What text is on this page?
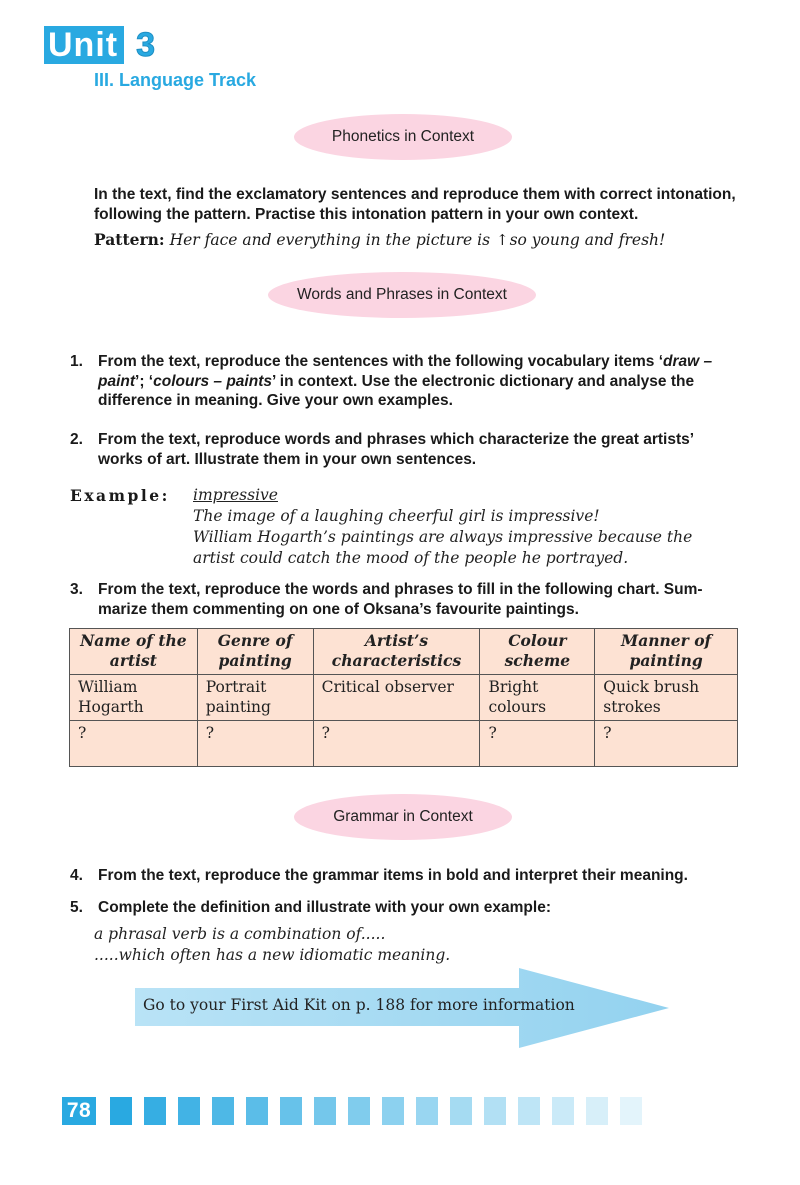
Unit 3
III. Language Track
Phonetics in Context
In the text, find the exclamatory sentences and reproduce them with correct intonation, following the pattern. Practise this intonation pattern in your own context.
Pattern: Her face and everything in the picture is ↑so young and fresh!
Words and Phrases in Context
1. From the text, reproduce the sentences with the following vocabulary items ‘draw – paint’; ‘colours – paints’ in context. Use the electronic dictionary and analyse the difference in meaning. Give your own examples.
2. From the text, reproduce words and phrases which characterize the great artists’ works of art. Illustrate them in your own sentences.
Example: impressive
The image of a laughing cheerful girl is impressive!
William Hogarth’s paintings are always impressive because the
artist could catch the mood of the people he portrayed.
3. From the text, reproduce the words and phrases to fill in the following chart. Summarize them commenting on one of Oksana’s favourite paintings.
Name of the artist	Genre of painting	Artist’s characteristics	Colour scheme	Manner of painting
William Hogarth	Portrait painting	Critical observer	Bright colours	Quick brush strokes
?	?	?	?	?
Grammar in Context
4. From the text, reproduce the grammar items in bold and interpret their meaning.
5. Complete the definition and illustrate with your own example:
a phrasal verb is a combination of.....
.....which often has a new idiomatic meaning.
Go to your First Aid Kit on p. 188 for more information
78
